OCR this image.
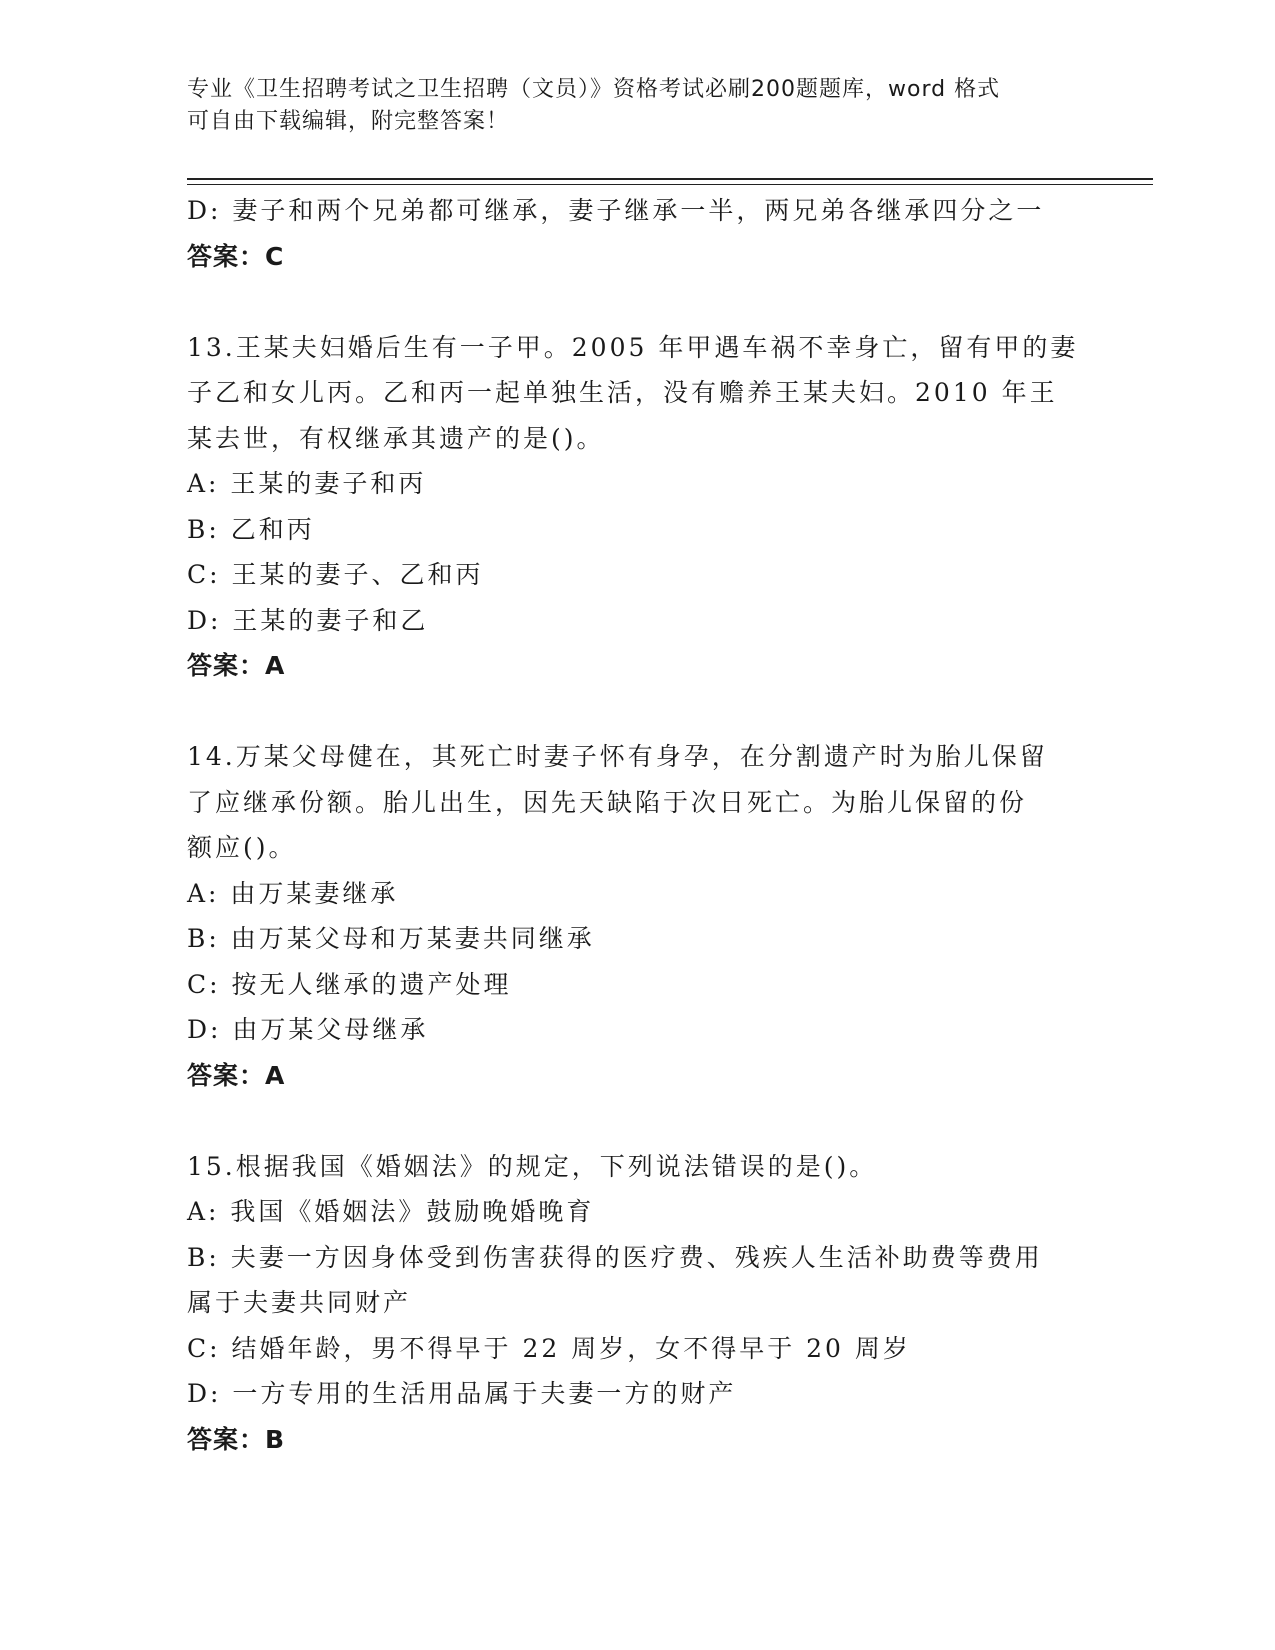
专业《卫生招聘考试之卫生招聘（文员）》资格考试必刷200题题库，word 格式

可自由下载编辑，附完整答案！

D: 妻子和两个兄弟都可继承，妻子继承一半，两兄弟各继承四分之一

答案：C

13.王某夫妇婚后生有一子甲。2005 年甲遇车祸不幸身亡，留有甲的妻

子乙和女儿丙。乙和丙一起单独生活，没有赡养王某夫妇。2010 年王

某去世，有权继承其遗产的是()。

A: 王某的妻子和丙

B: 乙和丙

C: 王某的妻子、乙和丙

D: 王某的妻子和乙

答案：A

14.万某父母健在，其死亡时妻子怀有身孕，在分割遗产时为胎儿保留

了应继承份额。胎儿出生，因先天缺陷于次日死亡。为胎儿保留的份

额应()。

A: 由万某妻继承

B: 由万某父母和万某妻共同继承

C: 按无人继承的遗产处理

D: 由万某父母继承

答案：A

15.根据我国《婚姻法》的规定，下列说法错误的是()。

A: 我国《婚姻法》鼓励晚婚晚育

B: 夫妻一方因身体受到伤害获得的医疗费、残疾人生活补助费等费用

属于夫妻共同财产

C: 结婚年龄，男不得早于 22 周岁，女不得早于 20 周岁

D: 一方专用的生活用品属于夫妻一方的财产

答案：B
